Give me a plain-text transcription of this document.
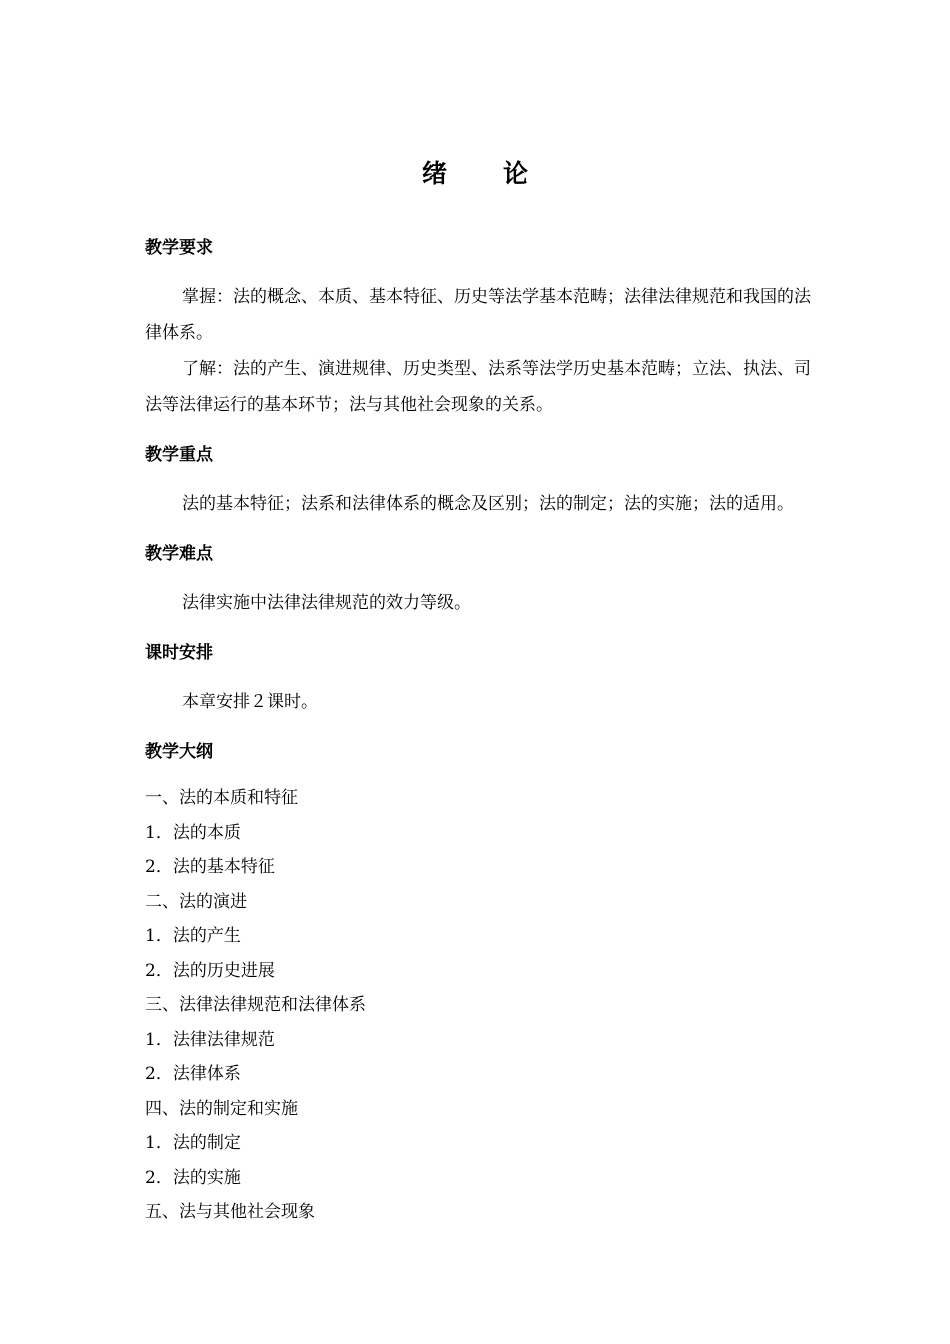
绪 论
教学要求

掌握：法的概念、本质、基本特征、历史等法学基本范畴；法律法律规范和我国的法律体系。

了解：法的产生、演进规律、历史类型、法系等法学历史基本范畴；立法、执法、司法等法律运行的基本环节；法与其他社会现象的关系。

教学重点

法的基本特征；法系和法律体系的概念及区别；法的制定；法的实施；法的适用。

教学难点

法律实施中法律法律规范的效力等级。

课时安排

本章安排２课时。

教学大纲

一、法的本质和特征

1．法的本质

2．法的基本特征

二、法的演进

1．法的产生

2．法的历史进展

三、法律法律规范和法律体系

1．法律法律规范

2．法律体系

四、法的制定和实施

1．法的制定

2．法的实施

五、法与其他社会现象
